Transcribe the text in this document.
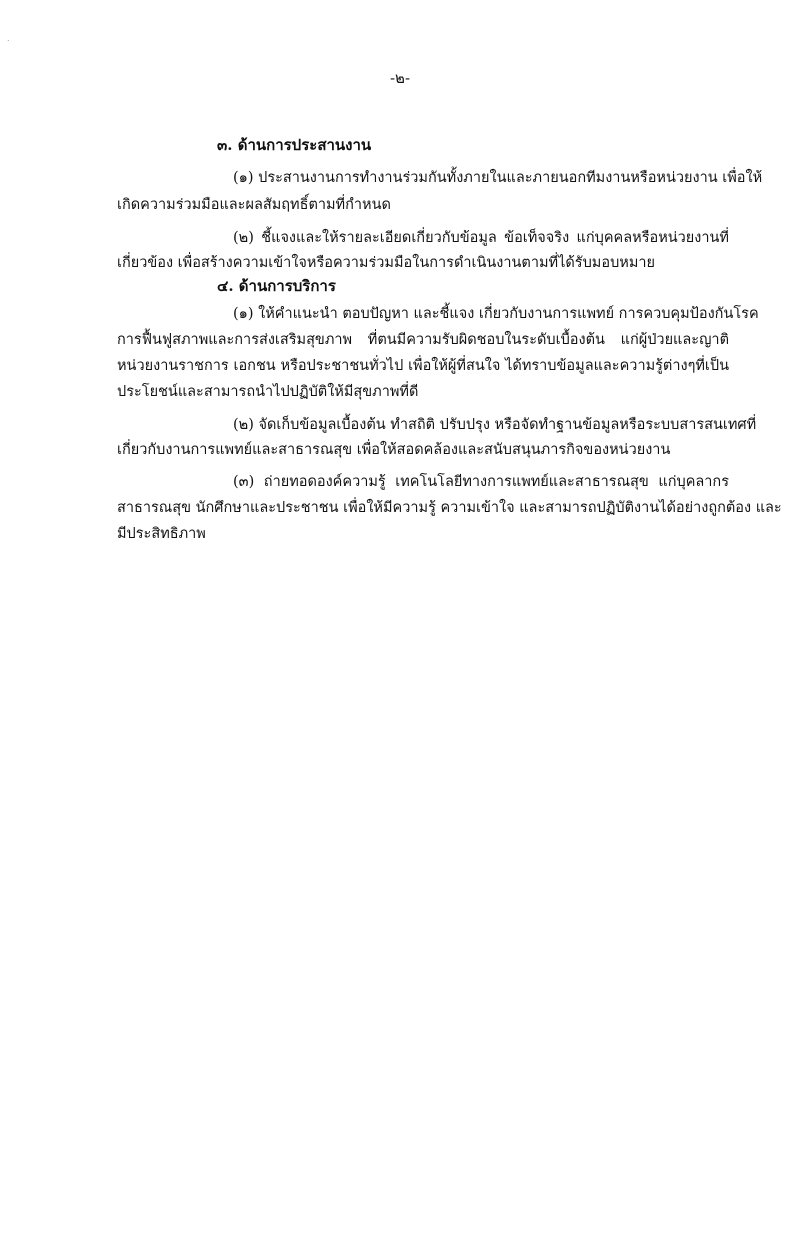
.
-๒-
๓. ด้านการประสานงาน
(๑) ประสานงานการทำงานร่วมกันทั้งภายในและภายนอกทีมงานหรือหน่วยงาน เพื่อให้
เกิดความร่วมมือและผลสัมฤทธิ์ตามที่กำหนด
(๒) ชี้แจงและให้รายละเอียดเกี่ยวกับข้อมูล ข้อเท็จจริง แก่บุคคลหรือหน่วยงานที่
เกี่ยวข้อง เพื่อสร้างความเข้าใจหรือความร่วมมือในการดำเนินงานตามที่ได้รับมอบหมาย
๔. ด้านการบริการ
(๑) ให้คำแนะนำ ตอบปัญหา และชี้แจง เกี่ยวกับงานการแพทย์ การควบคุมป้องกันโรค
การฟื้นฟูสภาพและการส่งเสริมสุขภาพ ที่ตนมีความรับผิดชอบในระดับเบื้องต้น แก่ผู้ป่วยและญาติ
หน่วยงานราชการ เอกชน หรือประชาชนทั่วไป เพื่อให้ผู้ที่สนใจ ได้ทราบข้อมูลและความรู้ต่างๆที่เป็น
ประโยชน์และสามารถนำไปปฏิบัติให้มีสุขภาพที่ดี
(๒) จัดเก็บข้อมูลเบื้องต้น ทำสถิติ ปรับปรุง หรือจัดทำฐานข้อมูลหรือระบบสารสนเทศที่
เกี่ยวกับงานการแพทย์และสาธารณสุข เพื่อให้สอดคล้องและสนับสนุนภารกิจของหน่วยงาน
(๓) ถ่ายทอดองค์ความรู้ เทคโนโลยีทางการแพทย์และสาธารณสุข แก่บุคลากร
สาธารณสุข นักศึกษาและประชาชน เพื่อให้มีความรู้ ความเข้าใจ และสามารถปฏิบัติงานได้อย่างถูกต้อง และ
มีประสิทธิภาพ
